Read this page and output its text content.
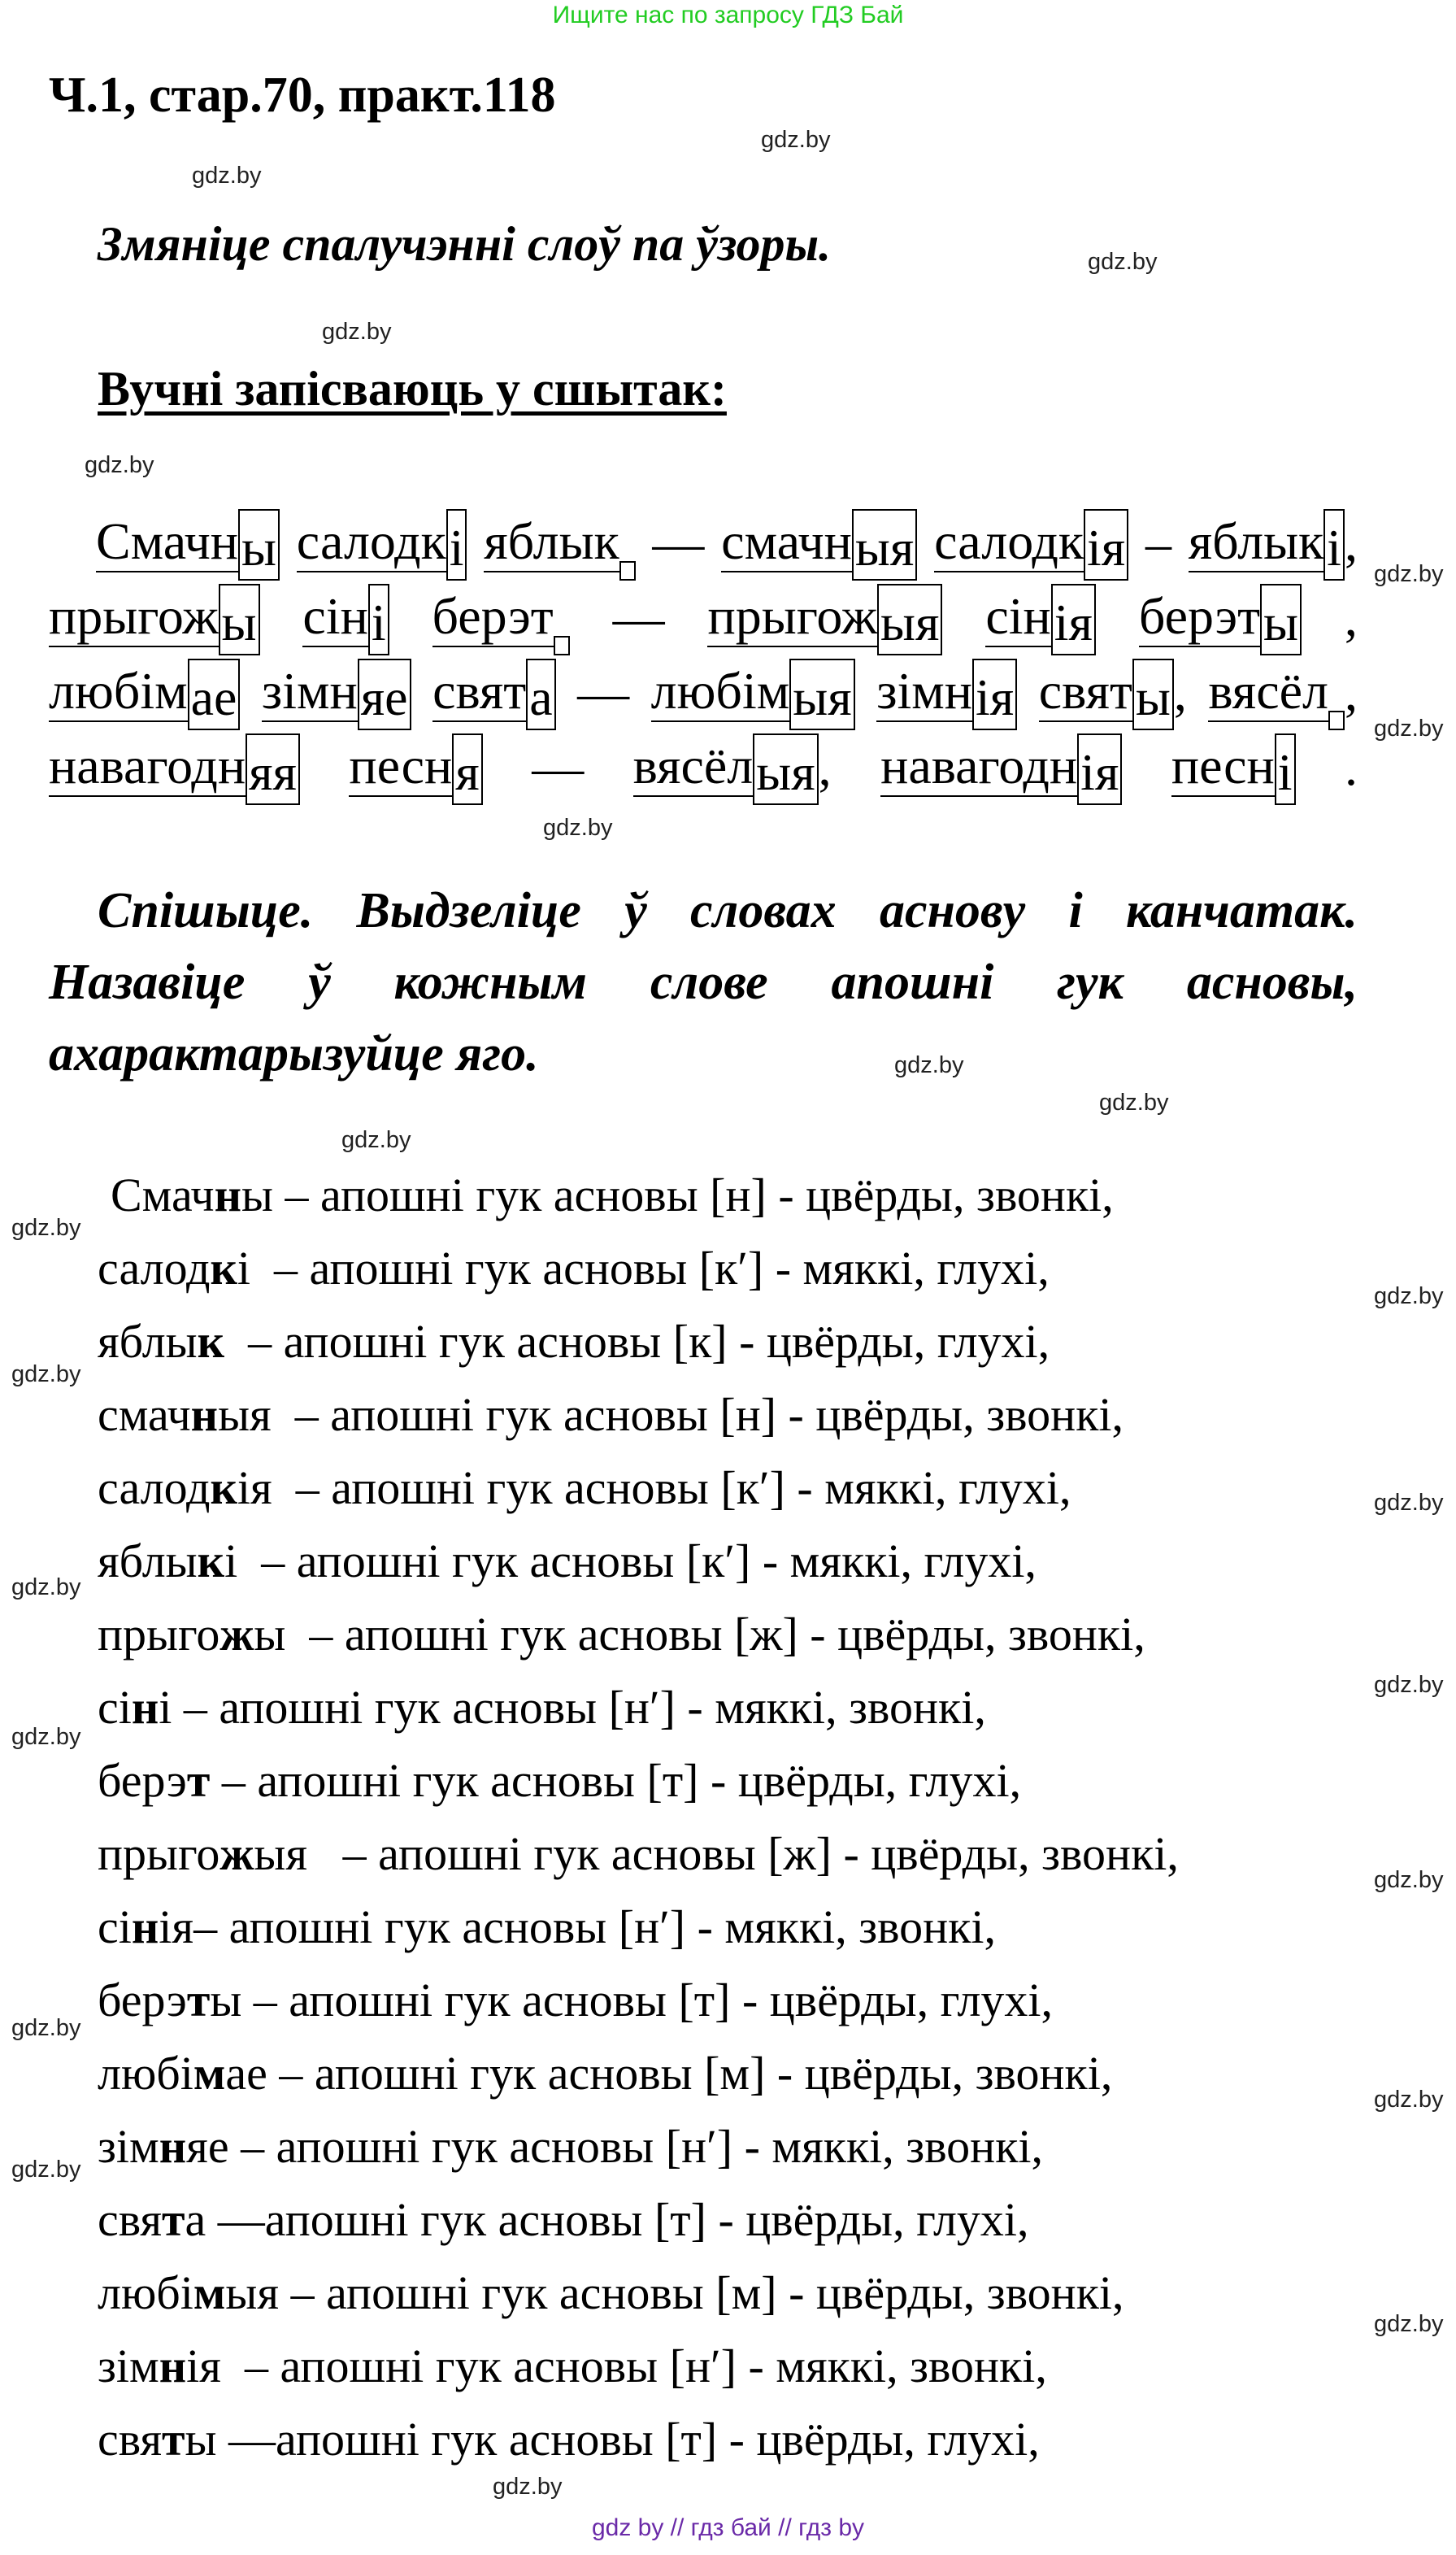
Ищите нас по запросу ГДЗ Бай
Ч.1, стар.70, практ.118
Змяніце спалучэнні слоў па ўзоры.
Вучні запісваюць у сшытак:
Смачн ы салодк і яблык — смачн ыя салодк ія – яблык і ,
прыгож ы сін і берэт — прыгож ыя сін ія берэт ы ,
любім ае зімн яе свят а — любім ыя зімн ія свят ы , вясёл ,
навагодн яя песн я — вясёл ыя , навагодн ія песн і .
Спішыце. Выдзеліце ў словах аснову і канчатак.
Назавіце ў кожным слове апошні гук асновы,
ахарактарызуйце яго.
Смачны – апошні гук асновы [н] - цвёрды, звонкі,
салодкі  – апошні гук асновы [к′] - мяккі, глухі,
яблык  – апошні гук асновы [к] - цвёрды, глухі,
смачныя  – апошні гук асновы [н] - цвёрды, звонкі,
салодкія  – апошні гук асновы [к′] - мяккі, глухі,
яблыкі  – апошні гук асновы [к′] - мяккі, глухі,
прыгожы  – апошні гук асновы [ж] - цвёрды, звонкі,
сіні – апошні гук асновы [н′] - мяккі, звонкі,
берэт – апошні гук асновы [т] - цвёрды, глухі,
прыгожыя   – апошні гук асновы [ж] - цвёрды, звонкі,
сінія– апошні гук асновы [н′] - мяккі, звонкі,
берэты – апошні гук асновы [т] - цвёрды, глухі,
любімае – апошні гук асновы [м] - цвёрды, звонкі,
зімняе – апошні гук асновы [н′] - мяккі, звонкі,
свята —апошні гук асновы [т] - цвёрды, глухі,
любімыя – апошні гук асновы [м] - цвёрды, звонкі,
зімнія  – апошні гук асновы [н′] - мяккі, звонкі,
святы —апошні гук асновы [т] - цвёрды, глухі,
gdz.by
gdz.by
gdz.by
gdz.by
gdz.by
gdz.by
gdz.by
gdz.by
gdz.by
gdz.by
gdz.by
gdz.by
gdz.by
gdz.by
gdz.by
gdz.by
gdz.by
gdz.by
gdz.by
gdz.by
gdz.by
gdz.by
gdz.by
gdz.by
gdz by // гдз бай // гдз by
